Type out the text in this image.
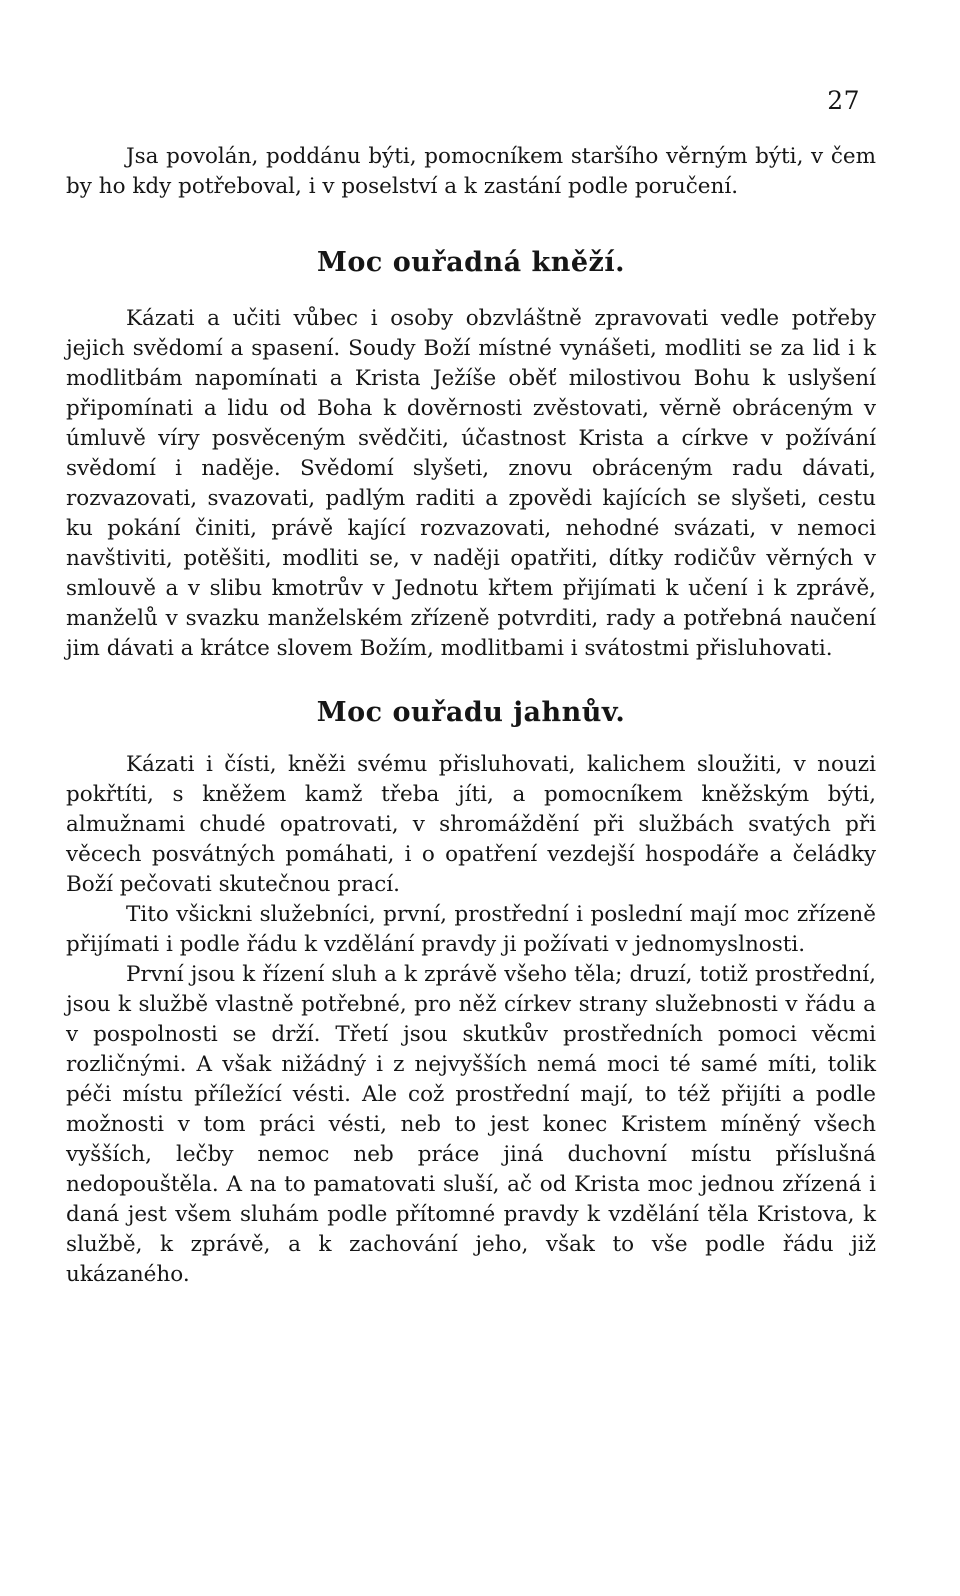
27

Jsa povolán, poddánu býti, pomocníkem staršího věrným býti, v čem by ho kdy potřeboval, i v poselství a k zastání podle poručení.

Moc ouřadná kněží.

Kázati a učiti vůbec i osoby obzvláštně zpravovati vedle potřeby jejich svědomí a spasení. Soudy Boží místné vynášeti, modliti se za lid i k modlitbám napomínati a Krista Ježíše oběť milostivou Bohu k uslyšení připomínati a lidu od Boha k dověrnosti zvěstovati, věrně obráceným v úmluvě víry posvěceným svědčiti, účastnost Krista a církve v požívání svědomí i naděje. Svědomí slyšeti, znovu obráceným radu dávati, rozvazovati, svazovati, padlým raditi a zpovědi kajících se slyšeti, cestu ku pokání činiti, právě kající rozvazovati, nehodné svázati, v nemoci navštiviti, potěšiti, modliti se, v naději opatřiti, dítky rodičův věrných v smlouvě a v slibu kmotrův v Jednotu křtem přijímati k učení i k zprávě, manželů v svazku manželském zřízeně potvrditi, rady a potřebná naučení jim dávati a krátce slovem Božím, modlitbami i svátostmi přisluhovati.

Moc ouřadu jahnův.

Kázati i čísti, kněži svému přisluhovati, kalichem sloužiti, v nouzi pokřtíti, s kněžem kamž třeba jíti, a pomocníkem kněžským býti, almužnami chudé opatrovati, v shromáždění při službách svatých při věcech posvátných pomáhati, i o opatření vezdejší hospodáře a čeládky Boží pečovati skutečnou prací.

Tito všickni služebníci, první, prostřední i poslední mají moc zřízeně přijímati i podle řádu k vzdělání pravdy ji požívati v jednomyslnosti.

První jsou k řízení sluh a k zprávě všeho těla; druzí, totiž prostřední, jsou k službě vlastně potřebné, pro něž církev strany služebnosti v řádu a v pospolnosti se drží. Třetí jsou skutkův prostředních pomoci věcmi rozličnými. A však nižádný i z nejvyšších nemá moci té samé míti, tolik péči místu příležící vésti. Ale což prostřední mají, to též přijíti a podle možnosti v tom práci vésti, neb to jest konec Kristem míněný všech vyšších, lečby nemoc neb práce jiná duchovní místu příslušná nedopouštěla. A na to pamatovati sluší, ač od Krista moc jednou zřízená i daná jest všem sluhám podle přítomné pravdy k vzdělání těla Kristova, k službě, k zprávě, a k zachování jeho, však to vše podle řádu již ukázaného.
